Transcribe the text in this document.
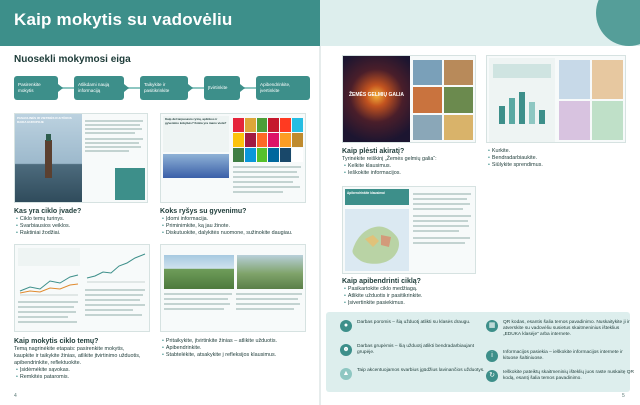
Kaip mokytis su vadovėliu
Nuosekli mokymosi eiga
Pasirenkite mokytis
Atlikdami naują informaciją
Taikykite ir pasitikrinkite
Įtvirtinkite
Apibendrinkite, įvertinkite
PASAULINĖS IR VIETINĖS KULTŪROS RAIDA EUROPOJE
Kaip dėl tarpusavio ryšių, aplinkos ir gyvenimo kokybės? Kokia yra mano vieta?
Kas yra ciklo įvade?
• Ciklo temų turinys.
• Svarbiausios veiklos.
• Raktiniai žodžiai.
Koks ryšys su gyvenimu?
• Įdomi informacija.
• Priminimkite, ką jau žinote.
• Diskutuokite, dalykitės nuomone, sužinokite daugiau.
Kaip mokytis ciklo temų?
Temą nagrinėkite etapais: pasirenkite mokytis,
kaupkite ir taikykite žinias, atlikite įtvirtinimo užduotis,
apibendrinkite, reflektuokite.
• Įsidėmėkite sąvokas.
• Remkitės pataromis.
• Pritaikykite, įtvirtinkite žinias – atlikite užduotis.
• Apibendrinkite.
• Stabtelėkite, atsakykite į refleksijos klausimus.
ŽEMĖS GELMIŲ GALIA
Kaip plėsti akiratį?
Tyrinėkite reiškinį „Žemės gelmių galia“:
• Kelkite klausimus.
• Ieškokite informacijos.
• Kurkite.
• Bendradarbiaukite.
• Siūlykite sprendimus.
Apibendrinkite klausimai
Kaip apibendrinti ciklą?
• Pasikartokite ciklo medžiagą.
• Atlikite užduotis ir pasitikrinkite.
• Įsivertinkite pasiekimus.
●	Darbas poromis – šią užduotį atlikti su klasės draugu.	▦	QR kodas, esantis šalia temos pavadinimo. Nuskaitykite ji ir atverskite su vadovėliu susietus skaitmeninius išteklius „EDUKA klasėje“ arba internete.
☻	Darbas grupėmis – šią užduotį atlikti bendradarbiaujant grupėje.	i	Informacijos pasiekia – ieškokite informacijos internete ir kituose šaltiniuose.
▲	Taip akcentuojamos svarbius įgūdžius lavinančios užduotys.
↻	Ieškokite pateiktų skaitmeninių išteklių juos raste nuskaitę QR kodą, esantį šalia temos pavadinimo.
4	5
